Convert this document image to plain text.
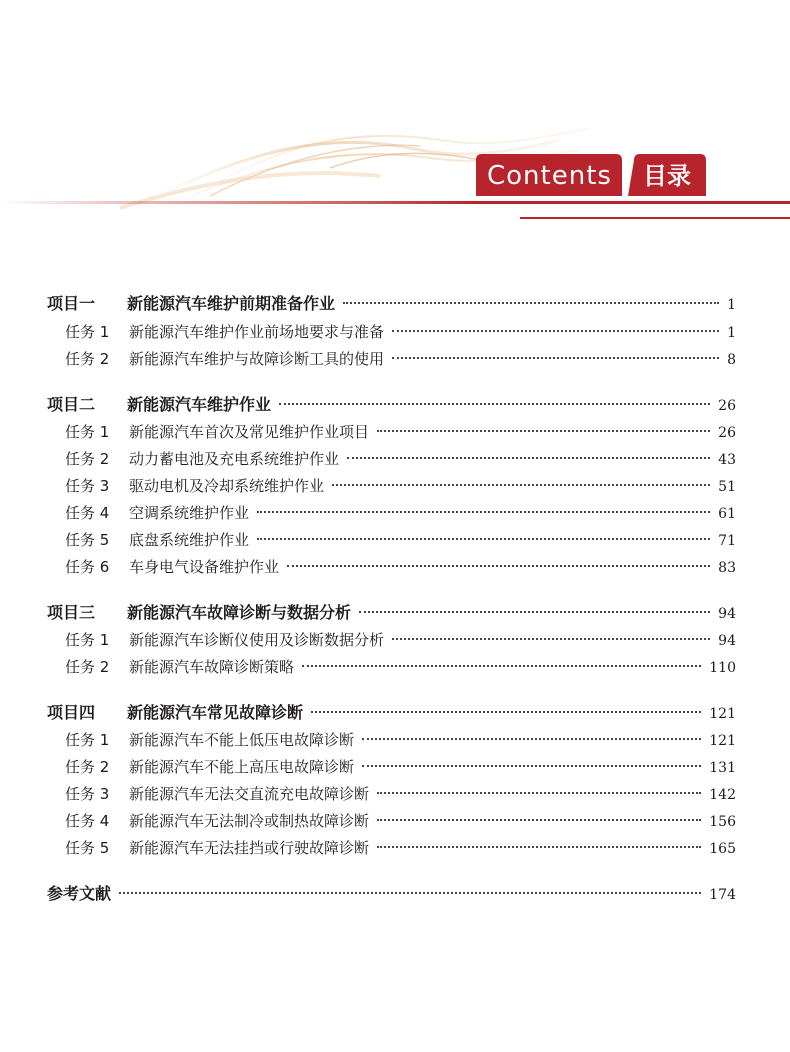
Contents 目录
项目一	新能源汽车维护前期准备作业	1
任务 1	新能源汽车维护作业前场地要求与准备	1
任务 2	新能源汽车维护与故障诊断工具的使用	8
项目二	新能源汽车维护作业	26
任务 1	新能源汽车首次及常见维护作业项目	26
任务 2	动力蓄电池及充电系统维护作业	43
任务 3	驱动电机及冷却系统维护作业	51
任务 4	空调系统维护作业	61
任务 5	底盘系统维护作业	71
任务 6	车身电气设备维护作业	83
项目三	新能源汽车故障诊断与数据分析	94
任务 1	新能源汽车诊断仪使用及诊断数据分析	94
任务 2	新能源汽车故障诊断策略	110
项目四	新能源汽车常见故障诊断	121
任务 1	新能源汽车不能上低压电故障诊断	121
任务 2	新能源汽车不能上高压电故障诊断	131
任务 3	新能源汽车无法交直流充电故障诊断	142
任务 4	新能源汽车无法制冷或制热故障诊断	156
任务 5	新能源汽车无法挂挡或行驶故障诊断	165
参考文献	174
